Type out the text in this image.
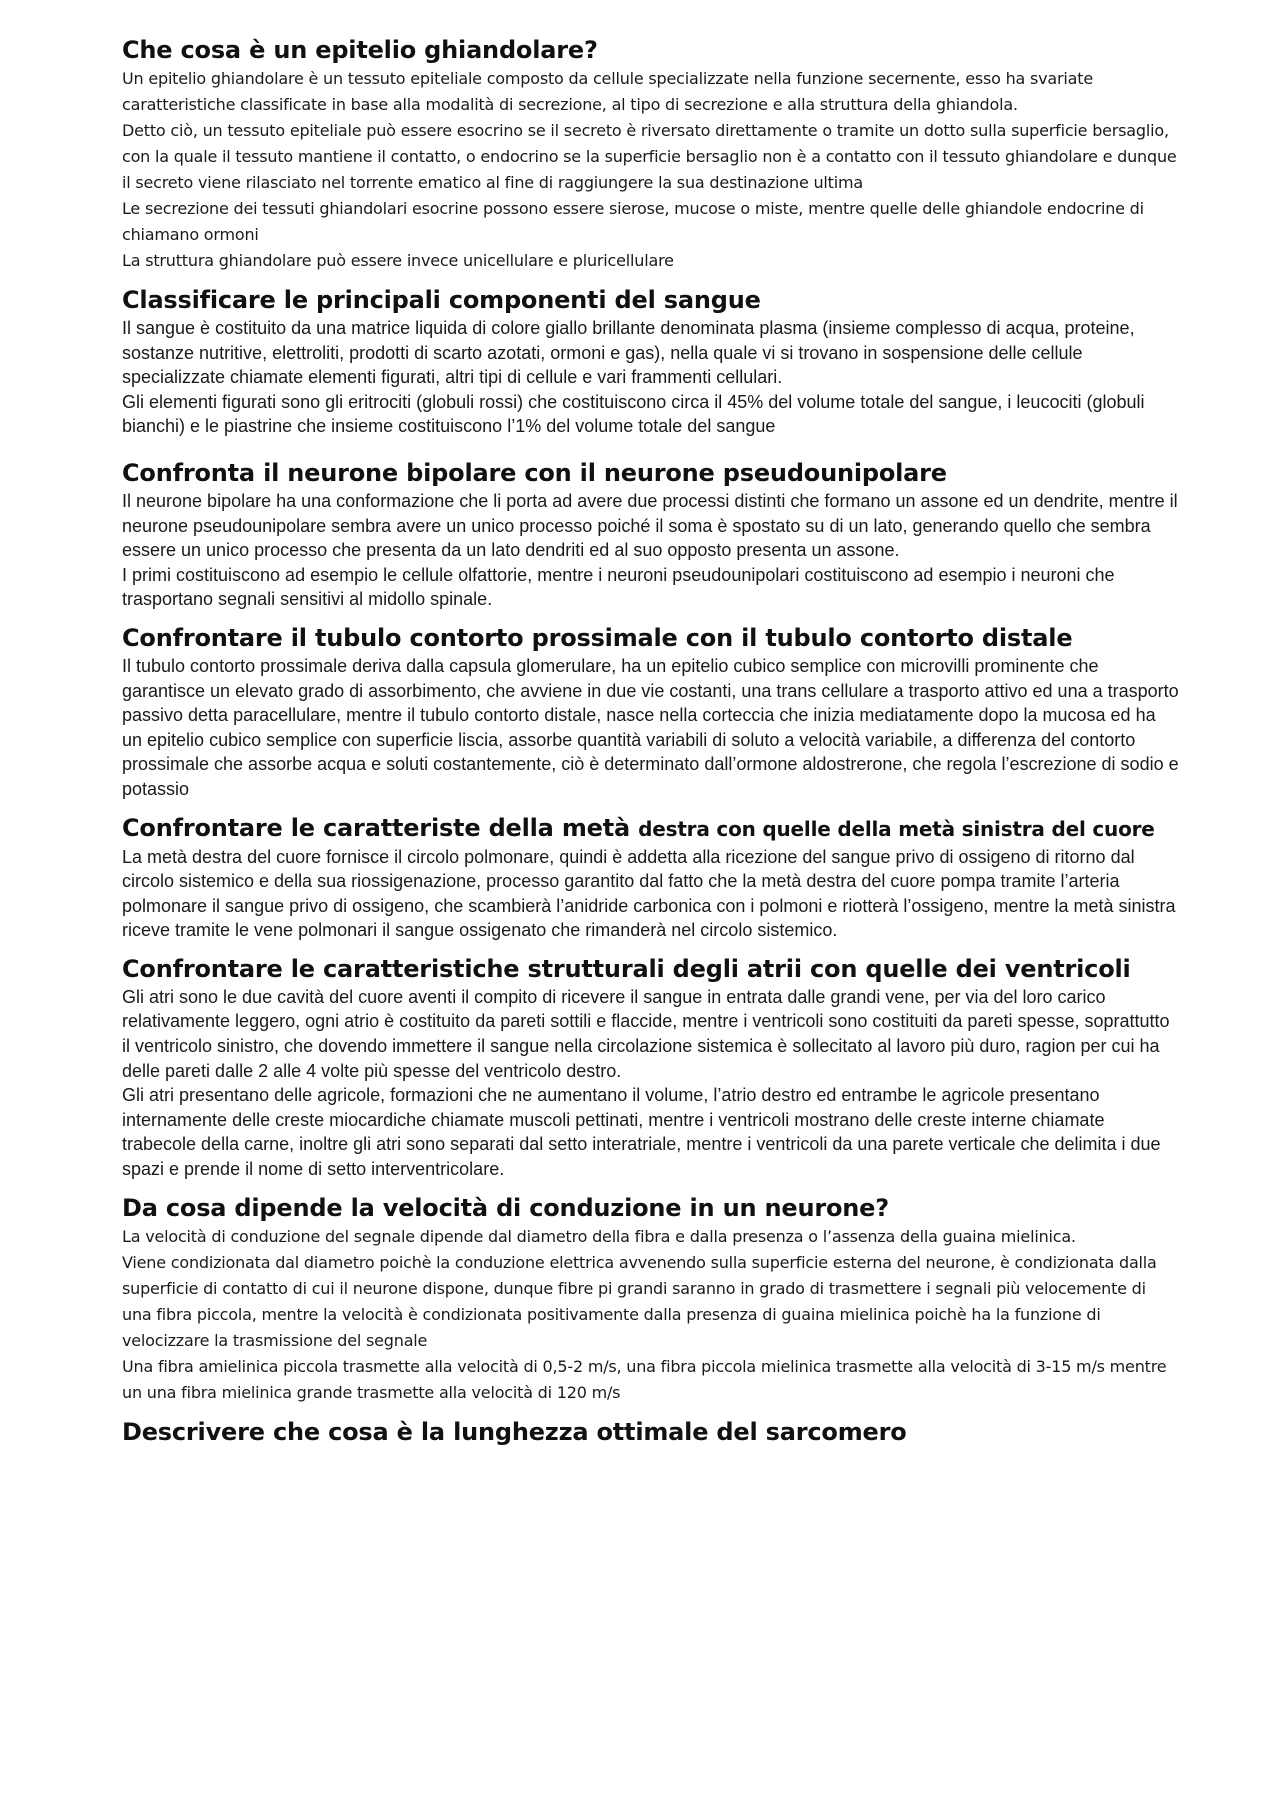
Che cosa è un epitelio ghiandolare?

Un epitelio ghiandolare è un tessuto epiteliale composto da cellule specializzate nella funzione secernente, esso ha svariate caratteristiche classificate in base alla modalità di secrezione, al tipo di secrezione e alla struttura della ghiandola.

Detto ciò, un tessuto epiteliale può essere esocrino se il secreto è riversato direttamente o tramite un dotto sulla superficie bersaglio, con la quale il tessuto mantiene il contatto, o endocrino se la superficie bersaglio non è a contatto con il tessuto ghiandolare e dunque il secreto viene rilasciato nel torrente ematico al fine di raggiungere la sua destinazione ultima

Le secrezione dei tessuti ghiandolari esocrine possono essere sierose, mucose o miste, mentre quelle delle ghiandole endocrine di chiamano ormoni

La struttura ghiandolare può essere invece unicellulare e pluricellulare

Classificare le principali componenti del sangue

Il sangue è costituito da una matrice liquida di colore giallo brillante denominata plasma (insieme complesso di acqua, proteine, sostanze nutritive, elettroliti, prodotti di scarto azotati, ormoni e gas), nella quale vi si trovano in sospensione delle cellule specializzate chiamate elementi figurati, altri tipi di cellule e vari frammenti cellulari.

Gli elementi figurati sono gli eritrociti (globuli rossi) che costituiscono circa il 45% del volume totale del sangue, i leucociti (globuli bianchi) e le piastrine che insieme costituiscono l’1% del volume totale del sangue

Confronta il neurone bipolare con il neurone pseudounipolare

Il neurone bipolare ha una conformazione che li porta ad avere due processi distinti che formano un assone ed un dendrite, mentre il neurone pseudounipolare sembra avere un unico processo poiché il soma è spostato su di un lato, generando quello che sembra essere un unico processo che presenta da un lato dendriti ed al suo opposto presenta un assone.

I primi costituiscono ad esempio le cellule olfattorie, mentre i neuroni pseudounipolari costituiscono ad esempio i neuroni che trasportano segnali sensitivi al midollo spinale.

Confrontare il tubulo contorto prossimale con il tubulo contorto distale

Il tubulo contorto prossimale deriva dalla capsula glomerulare, ha un epitelio cubico semplice con microvilli prominente che garantisce un elevato grado di assorbimento, che avviene in due vie costanti, una trans cellulare a trasporto attivo ed una a trasporto passivo detta paracellulare, mentre il tubulo contorto distale, nasce nella corteccia che inizia mediatamente dopo la mucosa ed ha un epitelio cubico semplice con superficie liscia, assorbe quantità variabili di soluto a velocità variabile, a differenza del contorto prossimale che assorbe acqua e soluti costantemente, ciò è determinato dall’ormone aldostrerone, che regola l’escrezione di sodio e potassio

Confrontare le caratteriste della metà destra con quelle della metà sinistra del cuore

La metà destra del cuore fornisce il circolo polmonare, quindi è addetta alla ricezione del sangue privo di ossigeno di ritorno dal circolo sistemico e della sua riossigenazione, processo garantito dal fatto che la metà destra del cuore pompa tramite l’arteria polmonare il sangue privo di ossigeno, che scambierà l’anidride carbonica con i polmoni e riotterà l’ossigeno, mentre la metà sinistra riceve tramite le vene polmonari il sangue ossigenato che rimanderà nel circolo sistemico.

Confrontare le caratteristiche strutturali degli atrii con quelle dei ventricoli

Gli atri sono le due cavità del cuore aventi il compito di ricevere il sangue in entrata dalle grandi vene, per via del loro carico relativamente leggero, ogni atrio è costituito da pareti sottili e flaccide, mentre i ventricoli sono costituiti da pareti spesse, soprattutto il ventricolo sinistro, che dovendo immettere il sangue nella circolazione sistemica è sollecitato al lavoro più duro, ragion per cui ha delle pareti dalle 2 alle 4 volte più spesse del ventricolo destro.

Gli atri presentano delle agricole, formazioni che ne aumentano il volume, l’atrio destro ed entrambe le agricole presentano internamente delle creste miocardiche chiamate muscoli pettinati, mentre i ventricoli mostrano delle creste interne chiamate trabecole della carne, inoltre gli atri sono separati dal setto interatriale, mentre i ventricoli da una parete verticale che delimita i due spazi e prende il nome di setto interventricolare.

Da cosa dipende la velocità di conduzione in un neurone?

La velocità di conduzione del segnale dipende dal diametro della fibra e dalla presenza o l’assenza della guaina mielinica.

Viene condizionata dal diametro poichè la conduzione elettrica avvenendo sulla superficie esterna del neurone, è condizionata dalla superficie di contatto di cui il neurone dispone, dunque fibre pi grandi saranno in grado di trasmettere i segnali più velocemente di una fibra piccola, mentre la velocità è condizionata positivamente dalla presenza di guaina mielinica poichè ha la funzione di velocizzare la trasmissione del segnale

Una fibra amielinica piccola trasmette alla velocità di 0,5-2 m/s, una fibra piccola mielinica trasmette alla velocità di 3-15 m/s mentre un una fibra mielinica grande trasmette alla velocità di 120 m/s

Descrivere che cosa è la lunghezza ottimale del sarcomero
